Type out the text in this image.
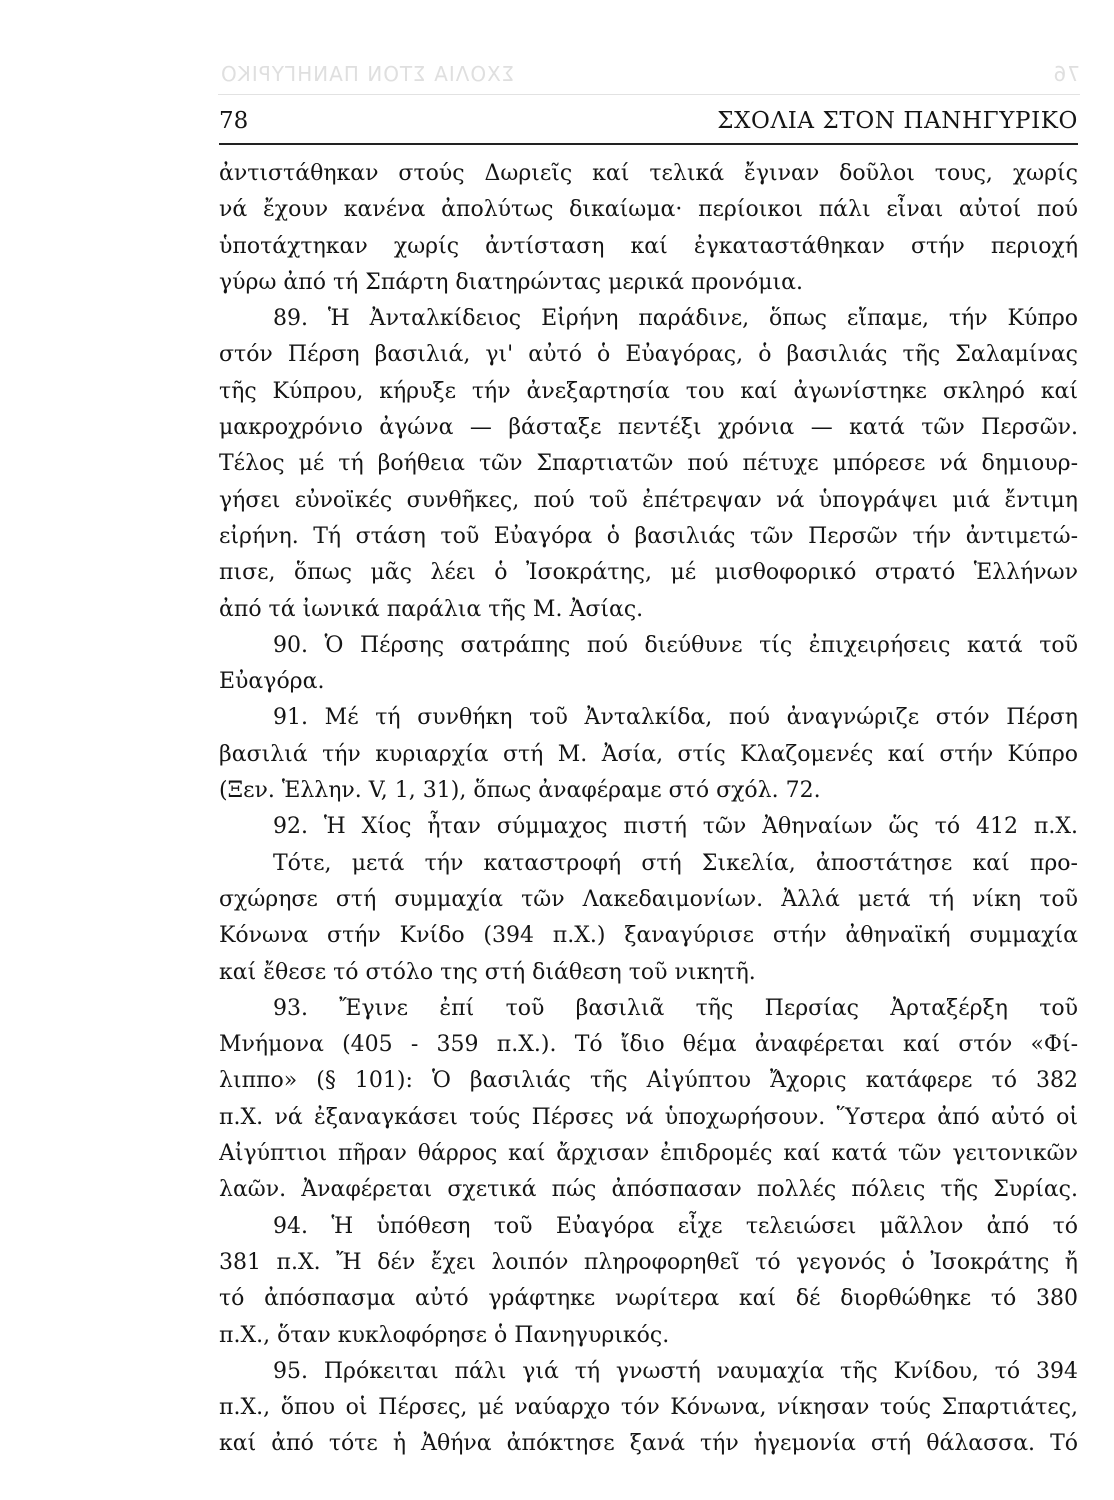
76
ΣΧΟΛΙΑ ΣΤΟΝ ΠΑΝΗΓΥΡΙΚΟ
78	ΣΧΟΛΙΑ ΣΤΟΝ ΠΑΝΗΓΥΡΙΚΟ
ἀντιστάθηκαν στούς Δωριεῖς καί τελικά ἔγιναν δοῦλοι τους, χωρίς
νά ἔχουν κανένα ἀπολύτως δικαίωμα· περίοικοι πάλι εἶναι αὐτοί πού
ὑποτάχτηκαν χωρίς ἀντίσταση καί ἐγκαταστάθηκαν στήν περιοχή
γύρω ἀπό τή Σπάρτη διατηρώντας μερικά προνόμια.
89. Ἡ Ἀνταλκίδειος Εἰρήνη παράδινε, ὅπως εἴπαμε, τήν Κύπρο
στόν Πέρση βασιλιά, γι' αὐτό ὁ Εὐαγόρας, ὁ βασιλιάς τῆς Σαλαμίνας
τῆς Κύπρου, κήρυξε τήν ἀνεξαρτησία του καί ἀγωνίστηκε σκληρό καί
μακροχρόνιο ἀγώνα — βάσταξε πεντέξι χρόνια — κατά τῶν Περσῶν.
Τέλος μέ τή βοήθεια τῶν Σπαρτιατῶν πού πέτυχε μπόρεσε νά δημιουρ-
γήσει εὐνοϊκές συνθῆκες, πού τοῦ ἐπέτρεψαν νά ὑπογράψει μιά ἔντιμη
εἰρήνη. Τή στάση τοῦ Εὐαγόρα ὁ βασιλιάς τῶν Περσῶν τήν ἀντιμετώ-
πισε, ὅπως μᾶς λέει ὁ Ἰσοκράτης, μέ μισθοφορικό στρατό Ἑλλήνων
ἀπό τά ἰωνικά παράλια τῆς Μ. Ἀσίας.
90. Ὁ Πέρσης σατράπης πού διεύθυνε τίς ἐπιχειρήσεις κατά τοῦ
Εὐαγόρα.
91. Μέ τή συνθήκη τοῦ Ἀνταλκίδα, πού ἀναγνώριζε στόν Πέρση
βασιλιά τήν κυριαρχία στή Μ. Ἀσία, στίς Κλαζομενές καί στήν Κύπρο
(Ξεν. Ἑλλην. V, 1, 31), ὅπως ἀναφέραμε στό σχόλ. 72.
92. Ἡ Χίος ἦταν σύμμαχος πιστή τῶν Ἀθηναίων ὥς τό 412 π.Χ.
Τότε, μετά τήν καταστροφή στή Σικελία, ἀποστάτησε καί προ-
σχώρησε στή συμμαχία τῶν Λακεδαιμονίων. Ἀλλά μετά τή νίκη τοῦ
Κόνωνα στήν Κνίδο (394 π.Χ.) ξαναγύρισε στήν ἀθηναϊκή συμμαχία
καί ἔθεσε τό στόλο της στή διάθεση τοῦ νικητῆ.
93. Ἔγινε ἐπί τοῦ βασιλιᾶ τῆς Περσίας Ἀρταξέρξη τοῦ
Μνήμονα (405 - 359 π.Χ.). Τό ἴδιο θέμα ἀναφέρεται καί στόν «Φί-
λιππο» (§ 101): Ὁ βασιλιάς τῆς Αἰγύπτου Ἄχορις κατάφερε τό 382
π.Χ. νά ἐξαναγκάσει τούς Πέρσες νά ὑποχωρήσουν. Ὕστερα ἀπό αὐτό οἱ
Αἰγύπτιοι πῆραν θάρρος καί ἄρχισαν ἐπιδρομές καί κατά τῶν γειτονικῶν
λαῶν. Ἀναφέρεται σχετικά πώς ἀπόσπασαν πολλές πόλεις τῆς Συρίας.
94. Ἡ ὑπόθεση τοῦ Εὐαγόρα εἶχε τελειώσει μᾶλλον ἀπό τό
381 π.Χ. Ἤ δέν ἔχει λοιπόν πληροφορηθεῖ τό γεγονός ὁ Ἰσοκράτης ἤ
τό ἀπόσπασμα αὐτό γράφτηκε νωρίτερα καί δέ διορθώθηκε τό 380
π.Χ., ὅταν κυκλοφόρησε ὁ Πανηγυρικός.
95. Πρόκειται πάλι γιά τή γνωστή ναυμαχία τῆς Κνίδου, τό 394
π.Χ., ὅπου οἱ Πέρσες, μέ ναύαρχο τόν Κόνωνα, νίκησαν τούς Σπαρτιάτες,
καί ἀπό τότε ἡ Ἀθήνα ἀπόκτησε ξανά τήν ἡγεμονία στή θάλασσα. Τό
